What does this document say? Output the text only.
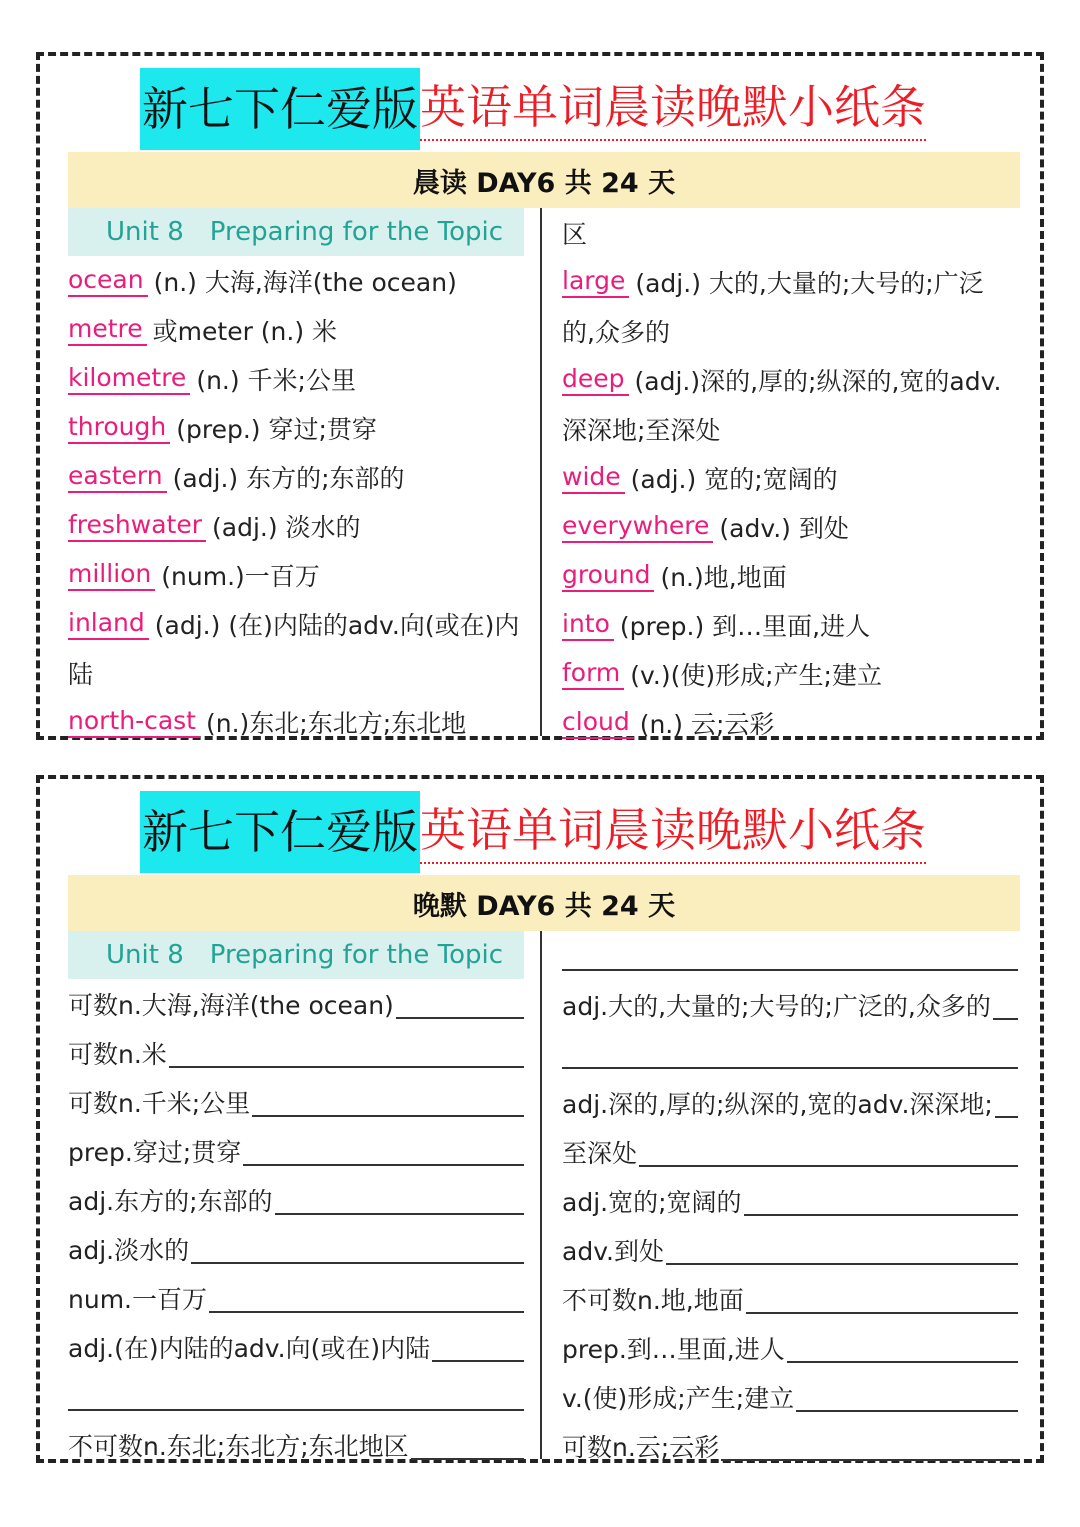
新七下仁爱版 英语单词晨读晚默小纸条
晨读 DAY6 共 24 天
Unit 8 Preparing for the Topic
ocean (n.) 大海,海洋(the ocean)
metre 或meter (n.) 米
kilometre (n.) 千米;公里
through (prep.) 穿过;贯穿
eastern (adj.) 东方的;东部的
freshwater (adj.) 淡水的
million (num.)一百万
inland (adj.) (在)内陆的adv.向(或在)内
陆
north-cast (n.)东北;东北方;东北地
区
large (adj.) 大的,大量的;大号的;广泛
的,众多的
deep (adj.)深的,厚的;纵深的,宽的adv.
深深地;至深处
wide (adj.) 宽的;宽阔的
everywhere (adv.) 到处
ground (n.)地,地面
into (prep.) 到…里面,进人
form (v.)(使)形成;产生;建立
cloud (n.) 云;云彩
新七下仁爱版 英语单词晨读晚默小纸条
晚默 DAY6 共 24 天
Unit 8 Preparing for the Topic
可数n.大海,海洋(the ocean)
可数n.米
可数n.千米;公里
prep.穿过;贯穿
adj.东方的;东部的
adj.淡水的
num.一百万
adj.(在)内陆的adv.向(或在)内陆
不可数n.东北;东北方;东北地区
adj.大的,大量的;大号的;广泛的,众多的
adj.深的,厚的;纵深的,宽的adv.深深地;
至深处
adj.宽的;宽阔的
adv.到处
不可数n.地,地面
prep.到…里面,进人
v.(使)形成;产生;建立
可数n.云;云彩
